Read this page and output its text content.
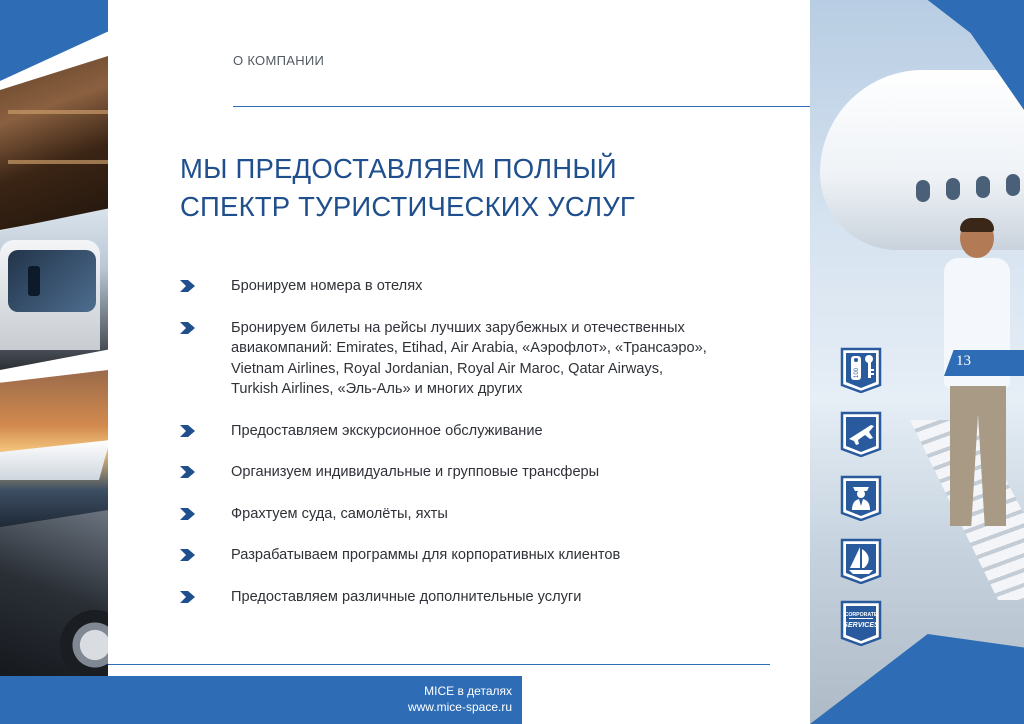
13
100
CORPORATE
SERVICES
О КОМПАНИИ
МЫ ПРЕДОСТАВЛЯЕМ ПОЛНЫЙ
СПЕКТР ТУРИСТИЧЕСКИХ УСЛУГ
Бронируем номера в отелях
Бронируем билеты на рейсы лучших зарубежных и отечественных
авиакомпаний: Emirates, Etihad, Air Arabia, «Аэрофлот», «Трансаэро»,
Vietnam Airlines, Royal Jordanian, Royal Air Maroc, Qatar Airways,
Turkish Airlines, «Эль-Аль» и многих других
Предоставляем экскурсионное обслуживание
Организуем индивидуальные и групповые трансферы
Фрахтуем суда, самолёты, яхты
Разрабатываем программы для корпоративных клиентов
Предоставляем различные дополнительные услуги
MICE в деталях
www.mice-space.ru
